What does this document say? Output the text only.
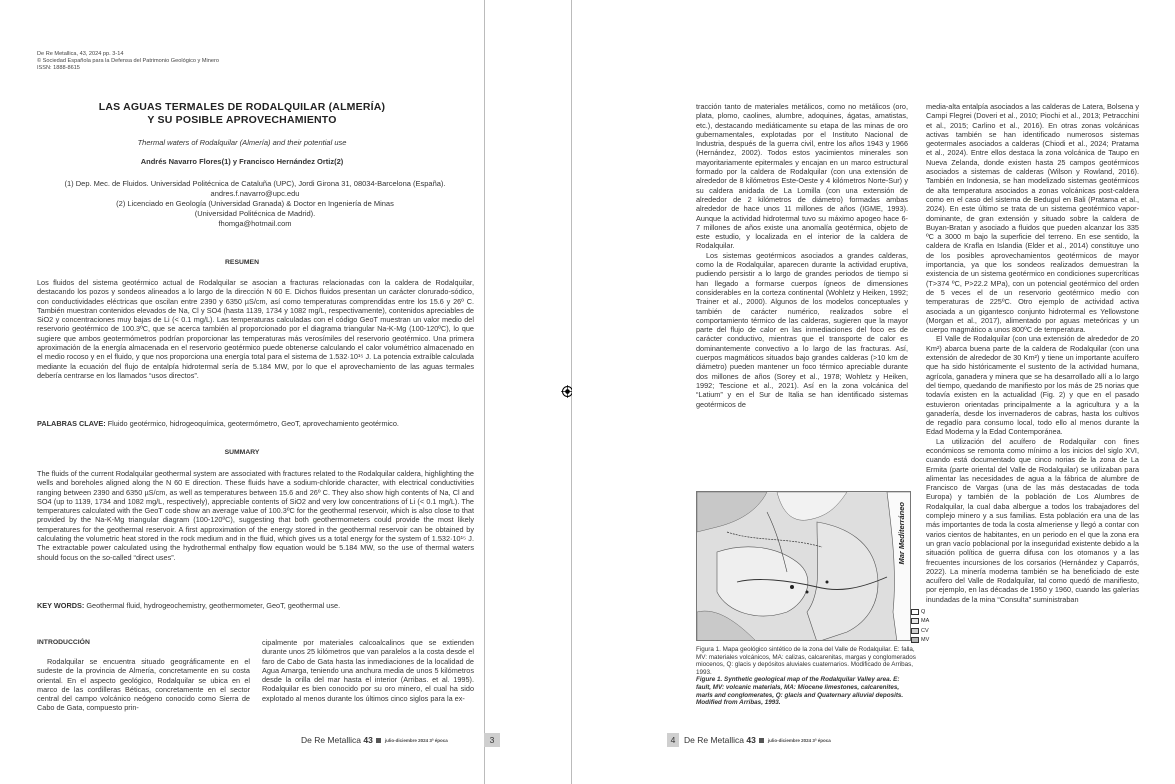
De Re Metallica, 43, 2024 pp. 3-14
© Sociedad Española para la Defensa del Patrimonio Geológico y Minero
ISSN: 1888-8615
LAS AGUAS TERMALES DE RODALQUILAR (ALMERÍA)
Y SU POSIBLE APROVECHAMIENTO
Thermal waters of Rodalquilar (Almería) and their potential use
Andrés Navarro Flores(1) y Francisco Hernández Ortiz(2)
(1) Dep. Mec. de Fluidos. Universidad Politécnica de Cataluña (UPC), Jordi Girona 31, 08034-Barcelona (España).
andres.f.navarro@upc.edu
(2) Licenciado en Geología (Universidad Granada) & Doctor en Ingeniería de Minas
(Universidad Politécnica de Madrid).
fhomga@hotmail.com
RESUMEN
Los fluidos del sistema geotérmico actual de Rodalquilar se asocian a fracturas relacionadas con la caldera de Rodalquilar, destacando los pozos y sondeos alineados a lo largo de la dirección N 60 E. Dichos fluidos presentan un carácter clorurado-sódico, con conductividades eléctricas que oscilan entre 2390 y 6350 µS/cm, así como temperaturas comprendidas entre los 15.6 y 26º C. También muestran contenidos elevados de Na, Cl y SO4 (hasta 1139, 1734 y 1082 mg/L, respectivamente), contenidos apreciables de SiO2 y concentraciones muy bajas de Li (< 0.1 mg/L). Las temperaturas calculadas con el código GeoT muestran un valor medio del reservorio geotérmico de 100.3ºC, que se acerca también al proporcionado por el diagrama triangular Na-K-Mg (100-120ºC), lo que sugiere que ambos geotermómetros podrían proporcionar las temperaturas más verosímiles del reservorio geotérmico. Una primera aproximación de la energía almacenada en el reservorio geotérmico puede obtenerse calculando el calor volumétrico almacenado en el medio rocoso y en el fluido, y que nos proporciona una energía total para el sistema de 1.532·10¹⁵ J. La potencia extraíble calculada mediante la ecuación del flujo de entalpía hidrotermal sería de 5.184 MW, por lo que el aprovechamiento de las aguas termales debería centrarse en los llamados “usos directos”.
PALABRAS CLAVE: Fluido geotérmico, hidrogeoquímica, geotermómetro, GeoT, aprovechamiento geotérmico.
SUMMARY
The fluids of the current Rodalquilar geothermal system are associated with fractures related to the Rodalquilar caldera, highlighting the wells and boreholes aligned along the N 60 E direction. These fluids have a sodium-chloride character, with electrical conductivities ranging between 2390 and 6350 µS/cm, as well as temperatures between 15.6 and 26º C. They also show high contents of Na, Cl and SO4 (up to 1139, 1734 and 1082 mg/L, respectively), appreciable contents of SiO2 and very low concentrations of Li (< 0.1 mg/L). The temperatures calculated with the GeoT code show an average value of 100.3ºC for the geothermal reservoir, which is also close to that provided by the Na-K-Mg triangular diagram (100-120ºC), suggesting that both geothermometers could provide the most likely temperatures for the geothermal reservoir. A first approximation of the energy stored in the geothermal reservoir can be obtained by calculating the volumetric heat stored in the rock medium and in the fluid, which gives us a total energy for the system of 1.532·10¹⁵ J. The extractable power calculated using the hydrothermal enthalpy flow equation would be 5.184 MW, so the use of thermal waters should focus on the so-called “direct uses”.
KEY WORDS: Geothermal fluid, hydrogeochemistry, geothermometer, GeoT, geothermal use.
INTRODUCCIÓN
Rodalquilar se encuentra situado geográficamente en el sudeste de la provincia de Almería, concretamente en su costa oriental. En el aspecto geológico, Rodalquilar se ubica en el marco de las cordilleras Béticas, concretamente en el sector central del campo volcánico neógeno conocido como Sierra de Cabo de Gata, compuesto prin-
cipalmente por materiales calcoalcalinos que se extienden durante unos 25 kilómetros que van paralelos a la costa desde el faro de Cabo de Gata hasta las inmediaciones de la localidad de Agua Amarga, teniendo una anchura media de unos 5 kilómetros desde la orilla del mar hasta el interior (Arribas. et al. 1995). Rodalquilar es bien conocido por su oro minero, el cual ha sido explotado al menos durante los últimos cinco siglos para la ex-
De Re Metallica 43	julio-diciembre 2024 3ª época	3

tracción tanto de materiales metálicos, como no metálicos (oro, plata, plomo, caolines, alumbre, adoquines, ágatas, amatistas, etc.), destacando mediáticamente su etapa de las minas de oro gubernamentales, explotadas por el Instituto Nacional de Industria, después de la guerra civil, entre los años 1943 y 1966 (Hernández, 2002). Todos estos yacimientos minerales son mayoritariamente epitermales y encajan en un marco estructural formado por la caldera de Rodalquilar (con una extensión de alrededor de 8 kilómetros Este-Oeste y 4 kilómetros Norte-Sur) y su caldera anidada de La Lomilla (con una extensión de alrededor de 2 kilómetros de diámetro) formadas ambas alrededor de hace unos 11 millones de años (IGME, 1993). Aunque la actividad hidrotermal tuvo su máximo apogeo hace 6-7 millones de años existe una anomalía geotérmica, objeto de este estudio, y localizada en el interior de la caldera de Rodalquilar.

Los sistemas geotérmicos asociados a grandes calderas, como la de Rodalquilar, aparecen durante la actividad eruptiva, pudiendo persistir a lo largo de grandes periodos de tiempo si han llegado a formarse cuerpos ígneos de dimensiones considerables en la corteza continental (Wohletz y Heiken, 1992; Trainer et al., 2000). Algunos de los modelos conceptuales y también de carácter numérico, realizados sobre el comportamiento térmico de las calderas, sugieren que la mayor parte del flujo de calor en las inmediaciones del foco es de carácter conductivo, mientras que el transporte de calor es dominantemente convectivo a lo largo de las fracturas. Así, cuerpos magmáticos situados bajo grandes calderas (>10 km de diámetro) pueden mantener un foco térmico apreciable durante dos millones de años (Sorey et al., 1978; Wohletz y Heiken, 1992; Tescione et al., 2021). Así en la zona volcánica del “Latium” y en el Sur de Italia se han identificado sistemas geotérmicos de

media-alta entalpía asociados a las calderas de Latera, Bolsena y Campi Flegrei (Doveri et al., 2010; Piochi et al., 2013; Petracchini et al., 2015; Carlino et al., 2016). En otras zonas volcánicas activas también se han identificado numerosos sistemas geotermales asociados a calderas (Chiodi et al., 2024; Pratama et al., 2024). Entre ellos destaca la zona volcánica de Taupo en Nueva Zelanda, donde existen hasta 25 campos geotérmicos asociados a sistemas de calderas (Wilson y Rowland, 2016). También en Indonesia, se han modelizado sistemas geotérmicos de alta temperatura asociados a zonas volcánicas post-caldera como en el caso del sistema de Bedugul en Bali (Pratama et al., 2024). En este último se trata de un sistema geotérmico vapor-dominante, de gran extensión y situado sobre la caldera de Buyan-Bratan y asociado a fluidos que pueden alcanzar los 335 ºC a 3000 m bajo la superficie del terreno. En ese sentido, la caldera de Krafla en Islandia (Elder et al., 2014) constituye uno de los posibles aprovechamientos geotérmicos de mayor importancia, ya que los sondeos realizados demuestran la existencia de un sistema geotérmico en condiciones supercríticas (T>374 ºC, P>22.2 MPa), con un potencial geotérmico del orden de 5 veces el de un reservorio geotérmico medio con temperaturas de 225ºC. Otro ejemplo de actividad activa asociada a un gigantesco conjunto hidrotermal es Yellowstone (Morgan et al., 2017), alimentado por aguas meteóricas y un cuerpo magmático a unos 800ºC de temperatura.

El Valle de Rodalquilar (con una extensión de alrededor de 20 Km²) abarca buena parte de la caldera de Rodalquilar (con una extensión de alrededor de 30 Km²) y tiene un importante acuífero que ha sido históricamente el sustento de la actividad humana, agrícola, ganadera y minera que se ha desarrollado allí a lo largo del tiempo, quedando de manifiesto por los más de 25 norias que todavía existen en la actualidad (Fig. 2) y que en el pasado estuvieron orientadas principalmente a la agricultura y a la ganadería, desde los invernaderos de cabras, hasta los cultivos de regadío para consumo local, todo ello al menos durante la Edad Moderna y la Edad Contemporánea.

La utilización del acuífero de Rodalquilar con fines económicos se remonta como mínimo a los inicios del siglo XVI, cuando está documentado que cinco norias de la zona de La Ermita (parte oriental del Valle de Rodalquilar) se utilizaban para alimentar las necesidades de agua a la fábrica de alumbre de Francisco de Vargas (una de las más destacadas de toda Europa) y también de la población de Los Alumbres de Rodalquilar, la cual daba albergue a todos los trabajadores del complejo minero y a sus familias. Esta población era una de las más importantes de toda la costa almeriense y llegó a contar con varios cientos de habitantes, en un periodo en el que la zona era un gran vacío poblacional por la inseguridad existente debido a la situación política de guerra difusa con los otomanos y a las frecuentes incursiones de los corsarios (Hernández y Caparrós, 2022). La minería moderna también se ha beneficiado de este acuífero del Valle de Rodalquilar, tal como quedó de manifiesto, por ejemplo, en las décadas de 1950 y 1960, cuando las galerías inundadas de la mina “Consulta” suministraban

4	De Re Metallica 43	julio-diciembre 2024 3ª época
Mar Mediterráneo
Q
MA
CV
MV
Figura 1. Mapa geológico sintético de la zona del Valle de Rodalquilar. E: falla, MV: materiales volcánicos, MA: calizas, calcarenitas, margas y conglomerados miocenos, Q: glacis y depósitos aluviales cuaternarios. Modificado de Arribas, 1993.
Figure 1. Synthetic geological map of the Rodalquilar Valley area. E: fault, MV: volcanic materials, MA: Miocene limestones, calcarenites, marls and conglomerates, Q: glacis and Quaternary alluvial deposits. Modified from Arribas, 1993.
